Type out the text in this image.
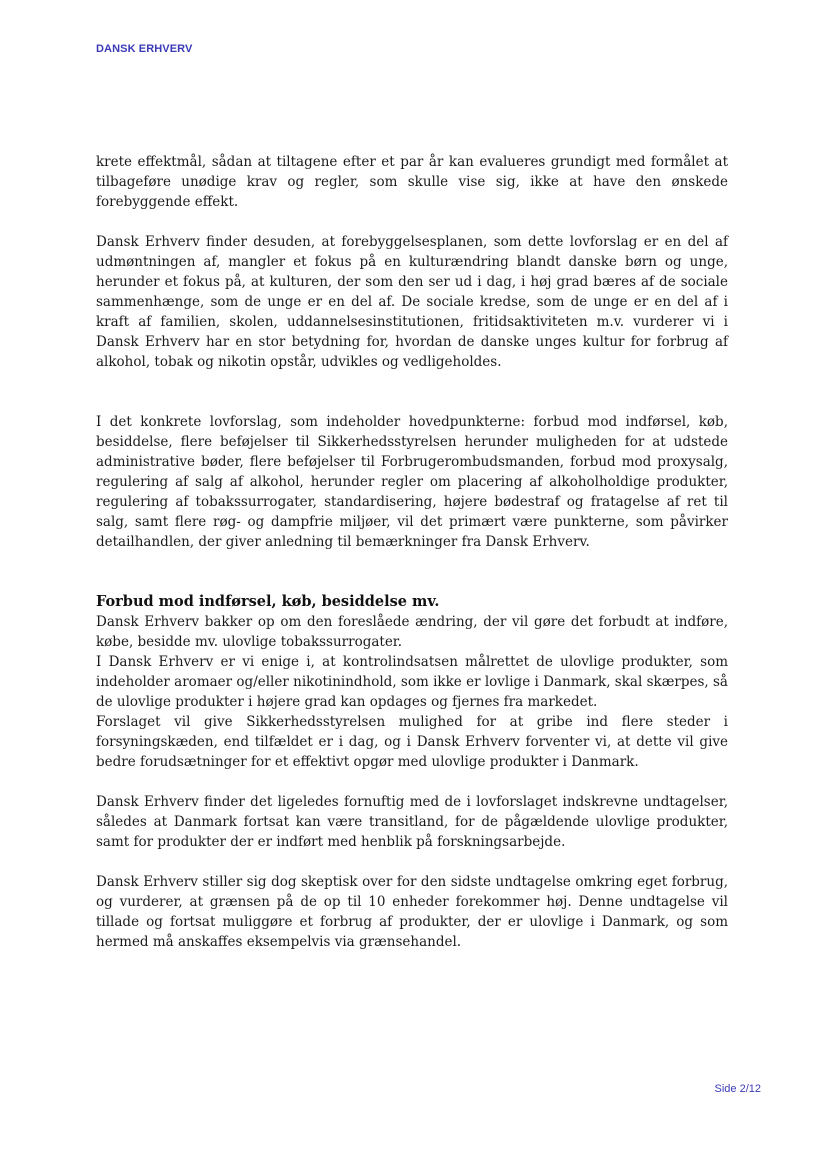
DANSK ERHVERV

krete effektmål, sådan at tiltagene efter et par år kan evalueres grundigt med formålet at tilbageføre unødige krav og regler, som skulle vise sig, ikke at have den ønskede forebyggende effekt.

Dansk Erhverv finder desuden, at forebyggelsesplanen, som dette lovforslag er en del af udmøntningen af, mangler et fokus på en kulturændring blandt danske børn og unge, herunder et fokus på, at kulturen, der som den ser ud i dag, i høj grad bæres af de sociale sammenhænge, som de unge er en del af. De sociale kredse, som de unge er en del af i kraft af familien, skolen, uddannelsesinstitutionen, fritidsaktiviteten m.v. vurderer vi i Dansk Erhverv har en stor betydning for, hvordan de danske unges kultur for forbrug af alkohol, tobak og nikotin opstår, udvikles og vedligeholdes.

I det konkrete lovforslag, som indeholder hovedpunkterne: forbud mod indførsel, køb, besiddelse, flere beføjelser til Sikkerhedsstyrelsen herunder muligheden for at udstede administrative bøder, flere beføjelser til Forbrugerombudsmanden, forbud mod proxysalg, regulering af salg af alkohol, herunder regler om placering af alkoholholdige produkter, regulering af tobakssurrogater, standardisering, højere bødestraf og fratagelse af ret til salg, samt flere røg- og dampfrie miljøer, vil det primært være punkterne, som påvirker detailhandlen, der giver anledning til bemærkninger fra Dansk Erhverv.

Forbud mod indførsel, køb, besiddelse mv.

Dansk Erhverv bakker op om den foreslåede ændring, der vil gøre det forbudt at indføre, købe, besidde mv. ulovlige tobakssurrogater.

I Dansk Erhverv er vi enige i, at kontrolindsatsen målrettet de ulovlige produkter, som indeholder aromaer og/eller nikotinindhold, som ikke er lovlige i Danmark, skal skærpes, så de ulovlige produkter i højere grad kan opdages og fjernes fra markedet.

Forslaget vil give Sikkerhedsstyrelsen mulighed for at gribe ind flere steder i forsyningskæden, end tilfældet er i dag, og i Dansk Erhverv forventer vi, at dette vil give bedre forudsætninger for et effektivt opgør med ulovlige produkter i Danmark.

Dansk Erhverv finder det ligeledes fornuftig med de i lovforslaget indskrevne undtagelser, således at Danmark fortsat kan være transitland, for de pågældende ulovlige produkter, samt for produkter der er indført med henblik på forskningsarbejde.

Dansk Erhverv stiller sig dog skeptisk over for den sidste undtagelse omkring eget forbrug, og vurderer, at grænsen på de op til 10 enheder forekommer høj. Denne undtagelse vil tillade og fortsat muliggøre et forbrug af produkter, der er ulovlige i Danmark, og som hermed må anskaffes eksempelvis via grænsehandel.

Side 2/12
